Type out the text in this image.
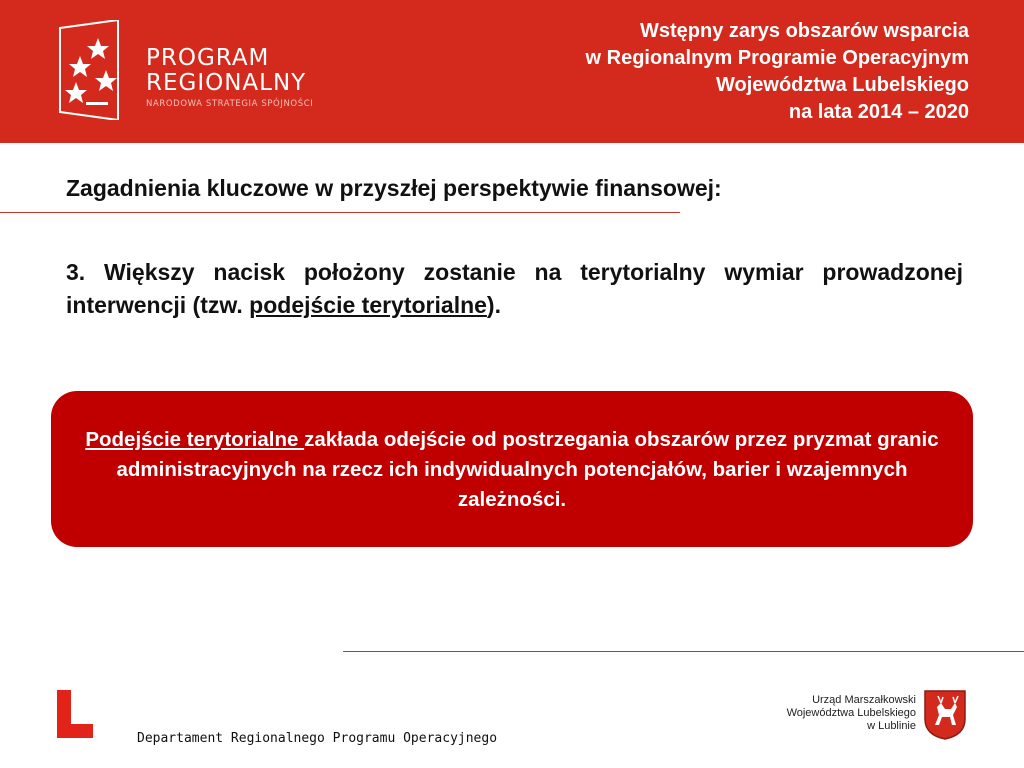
PROGRAM
REGIONALNY
NARODOWA STRATEGIA SPÓJNOŚCI
Wstępny zarys obszarów wsparcia
w Regionalnym Programie Operacyjnym
Województwa Lubelskiego
na lata 2014 – 2020
Zagadnienia kluczowe w przyszłej perspektywie finansowej:
3. Większy nacisk położony zostanie na terytorialny wymiar prowadzonej interwencji (tzw. podejście terytorialne).
Podejście terytorialne zakłada odejście od postrzegania obszarów przez pryzmat granic administracyjnych na rzecz ich indywidualnych potencjałów, barier i wzajemnych zależności.
Departament Regionalnego Programu Operacyjnego
Urząd Marszałkowski
Województwa Lubelskiego
w Lublinie
